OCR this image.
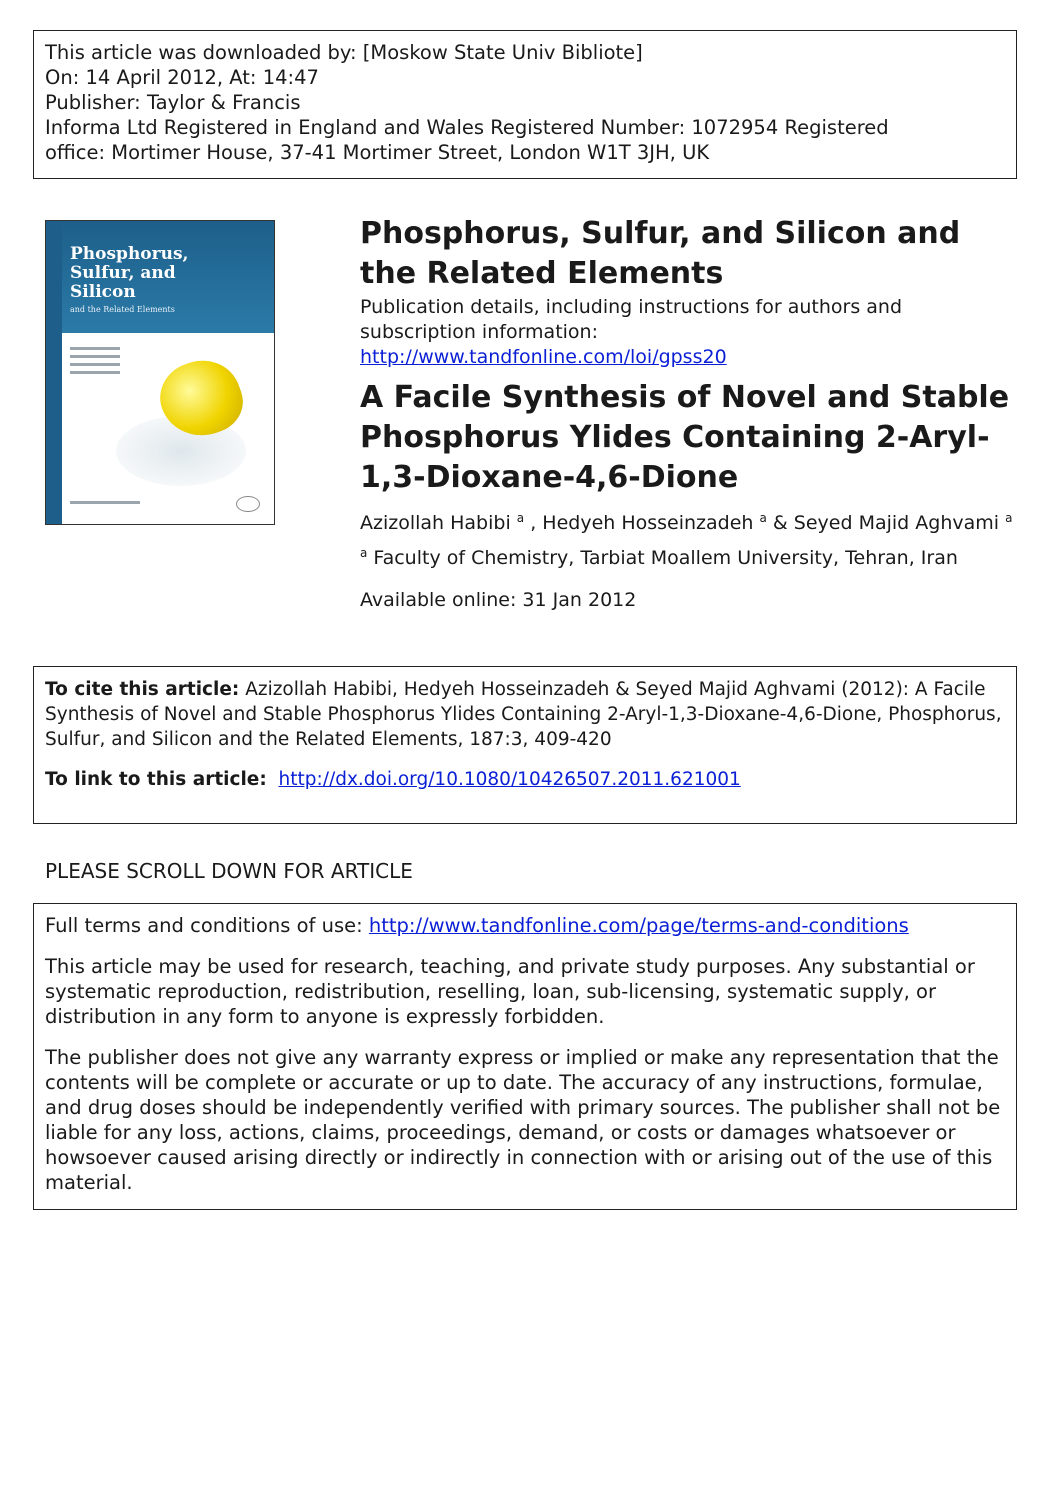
This article was downloaded by: [Moskow State Univ Bibliote]
On: 14 April 2012, At: 14:47
Publisher: Taylor & Francis
Informa Ltd Registered in England and Wales Registered Number: 1072954 Registered
office: Mortimer House, 37-41 Mortimer Street, London W1T 3JH, UK
Phosphorus,
Sulfur, and
Silicon
and the Related Elements
Phosphorus, Sulfur, and Silicon and the Related Elements
Publication details, including instructions for authors and subscription information:
http://www.tandfonline.com/loi/gpss20
A Facile Synthesis of Novel and Stable Phosphorus Ylides Containing 2-Aryl-1,3-Dioxane-4,6-Dione
Azizollah Habibi $^a$ , Hedyeh Hosseinzadeh $^a$ & Seyed Majid Aghvami $^a$
$^a$ Faculty of Chemistry, Tarbiat Moallem University, Tehran, Iran
Available online: 31 Jan 2012
To cite this article: Azizollah Habibi, Hedyeh Hosseinzadeh & Seyed Majid Aghvami (2012): A Facile Synthesis of Novel and Stable Phosphorus Ylides Containing 2-Aryl-1,3-Dioxane-4,6-Dione, Phosphorus, Sulfur, and Silicon and the Related Elements, 187:3, 409-420
To link to this article: http://dx.doi.org/10.1080/10426507.2011.621001
PLEASE SCROLL DOWN FOR ARTICLE

Full terms and conditions of use: http://www.tandfonline.com/page/terms-and-conditions

This article may be used for research, teaching, and private study purposes. Any substantial or systematic reproduction, redistribution, reselling, loan, sub-licensing, systematic supply, or distribution in any form to anyone is expressly forbidden.

The publisher does not give any warranty express or implied or make any representation that the contents will be complete or accurate or up to date. The accuracy of any instructions, formulae, and drug doses should be independently verified with primary sources. The publisher shall not be liable for any loss, actions, claims, proceedings, demand, or costs or damages whatsoever or howsoever caused arising directly or indirectly in connection with or arising out of the use of this material.
